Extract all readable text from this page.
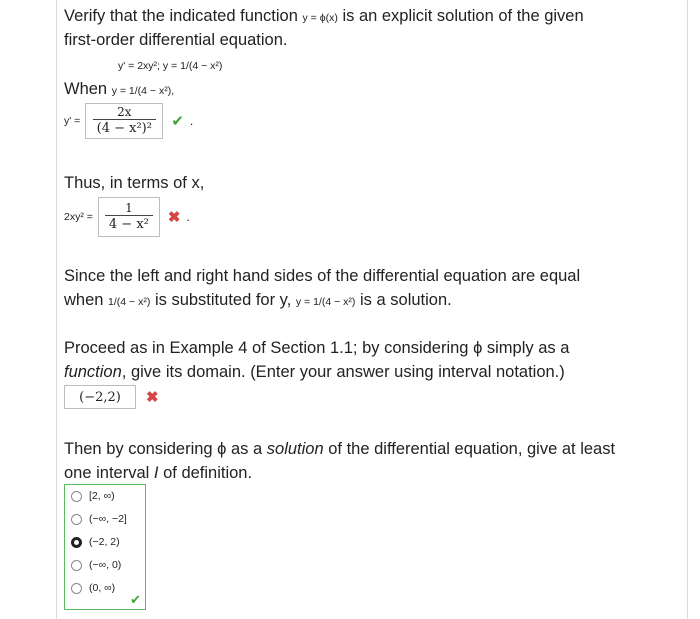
Verify that the indicated function y = ϕ(x) is an explicit solution of the given
first-order differential equation.
y' = 2xy²; y = 1/(4 − x²)
When y = 1/(4 − x²),
$y' = \frac{2x}{\text{(4 − x²)²}}$ ✔ .
Thus, in terms of x,
$2xy^2 = \frac{1}{\text{4 − x²}}$ ✖ .
Since the left and right hand sides of the differential equation are equal
when 1/(4 − x²) is substituted for y, y = 1/(4 − x²) is a solution.
Proceed as in Example 4 of Section 1.1; by considering ϕ simply as a
function, give its domain. (Enter your answer using interval notation.)
(−2,2)	✖
Then by considering ϕ as a solution of the differential equation, give at least
one interval I of definition.
[2, ∞)
(−∞, −2]
(−2, 2)
(−∞, 0)
(0, ∞)
✔
